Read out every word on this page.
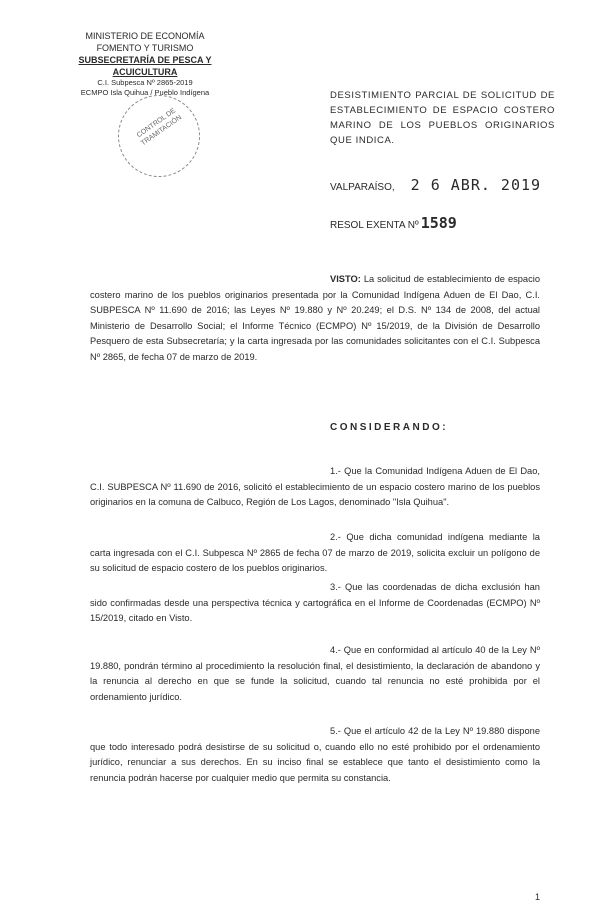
MINISTERIO DE ECONOMÍA
FOMENTO Y TURISMO
SUBSECRETARÍA DE PESCA Y ACUICULTURA
C.I. Subpesca Nº 2865-2019
ECMPO Isla Quihua / Pueblo Indígena
CONTROL DE TRAMITACIÓN
DESISTIMIENTO PARCIAL DE SOLICITUD DE ESTABLECIMIENTO DE ESPACIO COSTERO MARINO DE LOS PUEBLOS ORIGINARIOS QUE INDICA.
VALPARAÍSO, 2 6 ABR. 2019
RESOL EXENTA Nº 1589
VISTO: La solicitud de establecimiento de espacio costero marino de los pueblos originarios presentada por la Comunidad Indígena Aduen de El Dao, C.I. SUBPESCA Nº 11.690 de 2016; las Leyes Nº 19.880 y Nº 20.249; el D.S. Nº 134 de 2008, del actual Ministerio de Desarrollo Social; el Informe Técnico (ECMPO) Nº 15/2019, de la División de Desarrollo Pesquero de esta Subsecretaría; y la carta ingresada por las comunidades solicitantes con el C.I. Subpesca Nº 2865, de fecha 07 de marzo de 2019.
CONSIDERANDO:
1.- Que la Comunidad Indígena Aduen de El Dao, C.I. SUBPESCA Nº 11.690 de 2016, solicitó el establecimiento de un espacio costero marino de los pueblos originarios en la comuna de Calbuco, Región de Los Lagos, denominado "Isla Quihua".
2.- Que dicha comunidad indígena mediante la carta ingresada con el C.I. Subpesca Nº 2865 de fecha 07 de marzo de 2019, solicita excluir un polígono de su solicitud de espacio costero de los pueblos originarios.
3.- Que las coordenadas de dicha exclusión han sido confirmadas desde una perspectiva técnica y cartográfica en el Informe de Coordenadas (ECMPO) Nº 15/2019, citado en Visto.
4.- Que en conformidad al artículo 40 de la Ley Nº 19.880, pondrán término al procedimiento la resolución final, el desistimiento, la declaración de abandono y la renuncia al derecho en que se funde la solicitud, cuando tal renuncia no esté prohibida por el ordenamiento jurídico.
5.- Que el artículo 42 de la Ley Nº 19.880 dispone que todo interesado podrá desistirse de su solicitud o, cuando ello no esté prohibido por el ordenamiento jurídico, renunciar a sus derechos. En su inciso final se establece que tanto el desistimiento como la renuncia podrán hacerse por cualquier medio que permita su constancia.
1
